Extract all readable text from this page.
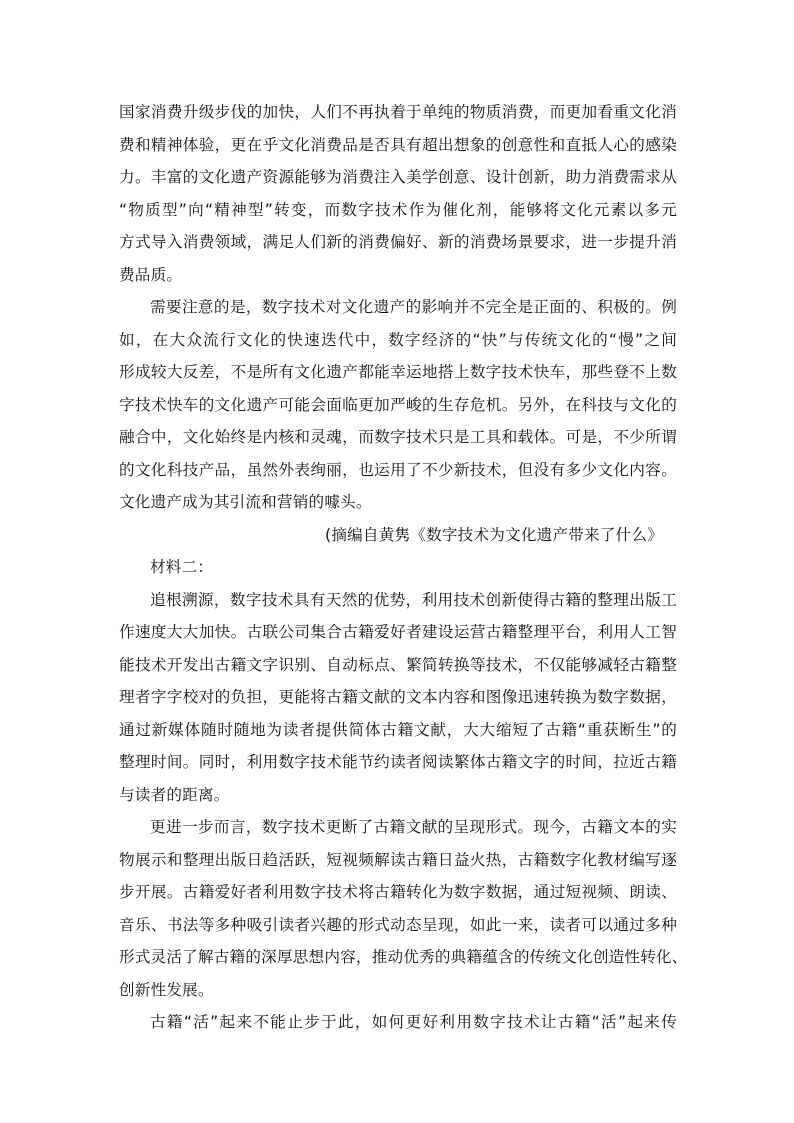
国家消费升级步伐的加快，人们不再执着于单纯的物质消费，而更加看重文化消
费和精神体验，更在乎文化消费品是否具有超出想象的创意性和直抵人心的感染
力。丰富的文化遗产资源能够为消费注入美学创意、设计创新，助力消费需求从
“物质型”向“精神型”转变，而数字技术作为催化剂，能够将文化元素以多元
方式导入消费领域，满足人们新的消费偏好、新的消费场景要求，进一步提升消
费品质。
需要注意的是，数字技术对文化遗产的影响并不完全是正面的、积极的。例
如，在大众流行文化的快速迭代中，数字经济的“快”与传统文化的“慢”之间
形成较大反差，不是所有文化遗产都能幸运地搭上数字技术快车，那些登不上数
字技术快车的文化遗产可能会面临更加严峻的生存危机。另外，在科技与文化的
融合中，文化始终是内核和灵魂，而数字技术只是工具和载体。可是，不少所谓
的文化科技产品，虽然外表绚丽，也运用了不少新技术，但没有多少文化内容。
文化遗产成为其引流和营销的噱头。
(摘编自黄隽《数字技术为文化遗产带来了什么》
材料二：
追根溯源，数字技术具有天然的优势，利用技术创新使得古籍的整理出版工
作速度大大加快。古联公司集合古籍爱好者建设运营古籍整理平台，利用人工智
能技术开发出古籍文字识别、自动标点、繁简转换等技术，不仅能够减轻古籍整
理者字字校对的负担，更能将古籍文献的文本内容和图像迅速转换为数字数据，
通过新媒体随时随地为读者提供简体古籍文献，大大缩短了古籍“重获断生”的
整理时间。同时，利用数字技术能节约读者阅读繁体古籍文字的时间，拉近古籍
与读者的距离。
更进一步而言，数字技术更断了古籍文献的呈现形式。现今，古籍文本的实
物展示和整理出版日趋活跃，短视频解读古籍日益火热，古籍数字化教材编写逐
步开展。古籍爱好者利用数字技术将古籍转化为数字数据，通过短视频、朗读、
音乐、书法等多种吸引读者兴趣的形式动态呈现，如此一来，读者可以通过多种
形式灵活了解古籍的深厚思想内容，推动优秀的典籍蕴含的传统文化创造性转化、
创新性发展。
古籍“活”起来不能止步于此，如何更好利用数字技术让古籍“活”起来传
